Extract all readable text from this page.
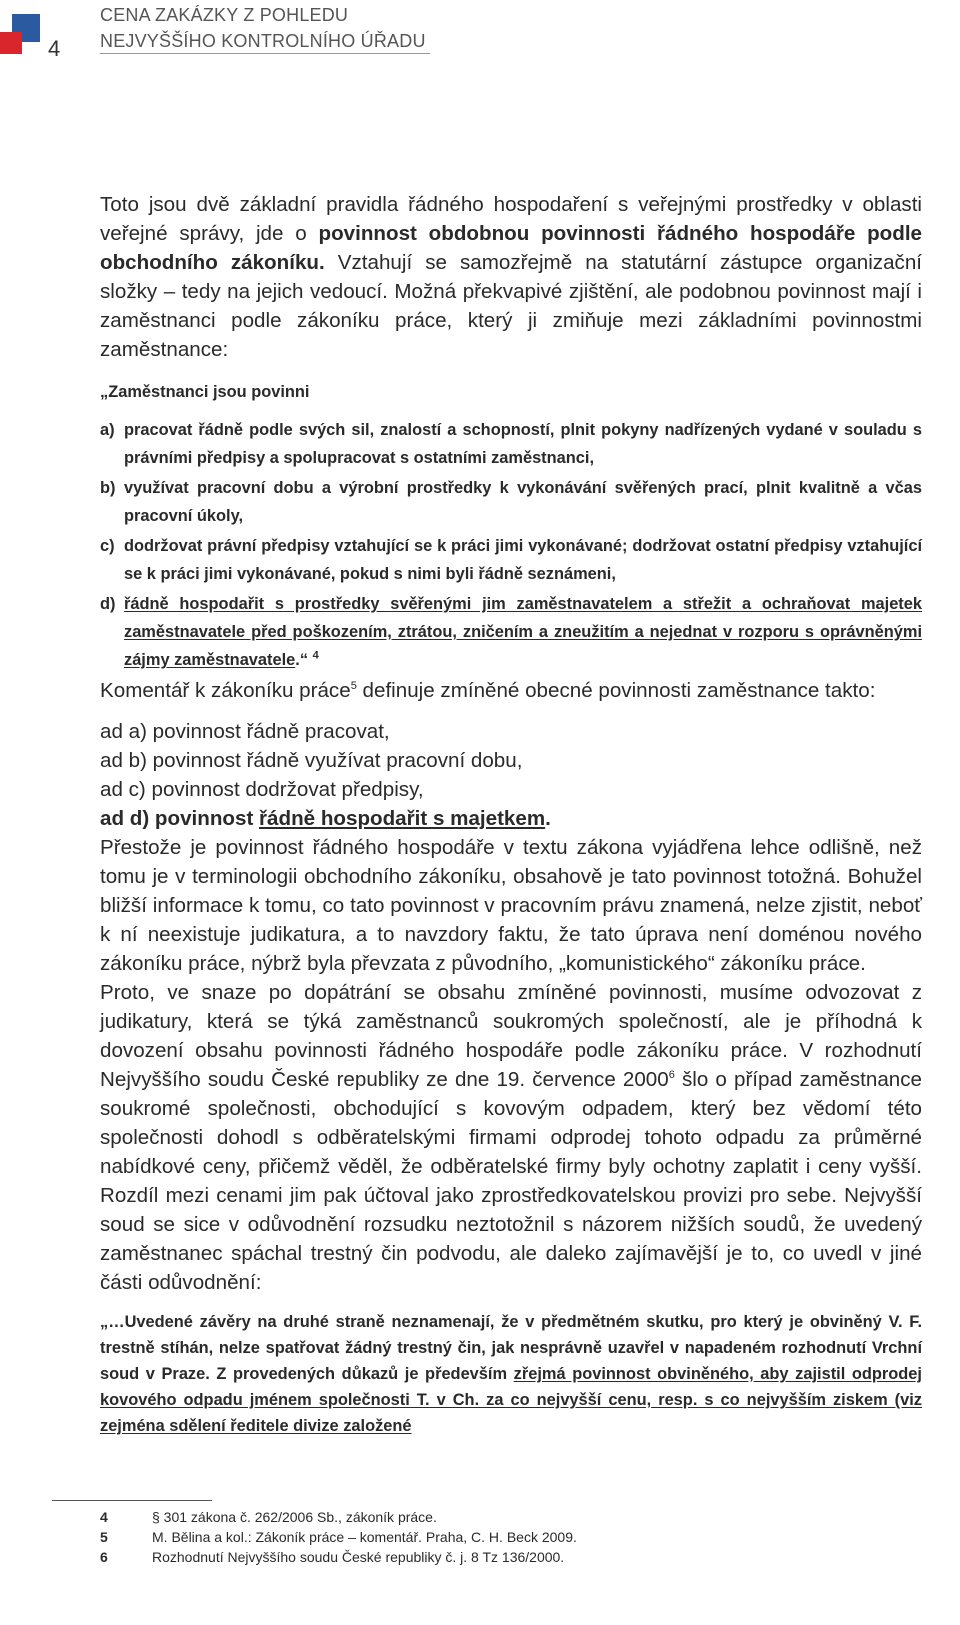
4
CENA ZAKÁZKY Z POHLEDU
NEJVYŠŠÍHO KONTROLNÍHO ÚŘADU

Toto jsou dvě základní pravidla řádného hospodaření s veřejnými prostředky v oblasti veřejné správy, jde o povinnost obdobnou povinnosti řádného hospodáře podle obchodního zákoníku. Vztahují se samozřejmě na statutární zástupce organizační složky – tedy na jejich vedoucí. Možná překvapivé zjištění, ale podobnou povinnost mají i zaměstnanci podle zákoníku práce, který ji zmiňuje mezi základními povinnostmi zaměstnance:

„Zaměstnanci jsou povinni
a) pracovat řádně podle svých sil, znalostí a schopností, plnit pokyny nadřízených vydané v souladu s právními předpisy a spolupracovat s ostatními zaměstnanci,
b) využívat pracovní dobu a výrobní prostředky k vykonávání svěřených prací, plnit kvalitně a včas pracovní úkoly,
c) dodržovat právní předpisy vztahující se k práci jimi vykonávané; dodržovat ostatní předpisy vztahující se k práci jimi vykonávané, pokud s nimi byli řádně seznámeni,
d) řádně hospodařit s prostředky svěřenými jim zaměstnavatelem a střežit a ochraňovat majetek zaměstnavatele před poškozením, ztrátou, zničením a zneužitím a nejednat v rozporu s oprávněnými zájmy zaměstnavatele.“ $^4$

Komentář k zákoníku práce$^5$ definuje zmíněné obecné povinnosti zaměstnance takto:

ad a) povinnost řádně pracovat,
ad b) povinnost řádně využívat pracovní dobu,
ad c) povinnost dodržovat předpisy,
ad d) povinnost řádně hospodařit s majetkem.

Přestože je povinnost řádného hospodáře v textu zákona vyjádřena lehce odlišně, než tomu je v terminologii obchodního zákoníku, obsahově je tato povinnost totožná. Bohužel bližší informace k tomu, co tato povinnost v pracovním právu znamená, nelze zjistit, neboť k ní neexistuje judikatura, a to navzdory faktu, že tato úprava není doménou nového zákoníku práce, nýbrž byla převzata z původního, „komunistického“ zákoníku práce.

Proto, ve snaze po dopátrání se obsahu zmíněné povinnosti, musíme odvozovat z judikatury, která se týká zaměstnanců soukromých společností, ale je příhodná k dovození obsahu povinnosti řádného hospodáře podle zákoníku práce. V rozhodnutí Nejvyššího soudu České republiky ze dne 19. července 2000$^6$ šlo o případ zaměstnance soukromé společnosti, obchodující s kovovým odpadem, který bez vědomí této společnosti dohodl s odběratelskými firmami odprodej tohoto odpadu za průměrné nabídkové ceny, přičemž věděl, že odběratelské firmy byly ochotny zaplatit i ceny vyšší. Rozdíl mezi cenami jim pak účtoval jako zprostředkovatelskou provizi pro sebe. Nejvyšší soud se sice v odůvodnění rozsudku neztotožnil s názorem nižších soudů, že uvedený zaměstnanec spáchal trestný čin podvodu, ale daleko zajímavější je to, co uvedl v jiné části odůvodnění:

„…Uvedené závěry na druhé straně neznamenají, že v předmětném skutku, pro který je obviněný V. F. trestně stíhán, nelze spatřovat žádný trestný čin, jak nesprávně uzavřel v napadeném rozhodnutí Vrchní soud v Praze. Z provedených důkazů je především zřejmá povinnost obviněného, aby zajistil odprodej kovového odpadu jménem společnosti T. v Ch. za co nejvyšší cenu, resp. s co nejvyšším ziskem (viz zejména sdělení ředitele divize založené
4	§ 301 zákona č. 262/2006 Sb., zákoník práce.
5	M. Bělina a kol.: Zákoník práce – komentář. Praha, C. H. Beck 2009.
6	Rozhodnutí Nejvyššího soudu České republiky č. j. 8 Tz 136/2000.
